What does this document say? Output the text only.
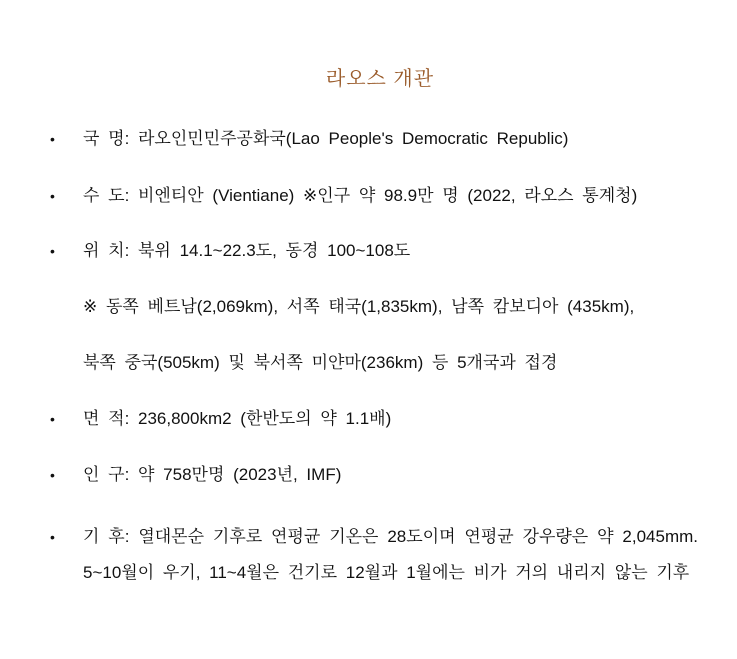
라오스 개관
• 국 명: 라오인민민주공화국(Lao People's Democratic Republic)
• 수 도: 비엔티안 (Vientiane) ※인구 약 98.9만 명 (2022, 라오스 통계청)
• 위 치: 북위 14.1~22.3도, 동경 100~108도
※ 동쪽 베트남(2,069km), 서쪽 태국(1,835km), 남쪽 캄보디아 (435km),
북쪽 중국(505km) 및 북서쪽 미얀마(236km) 등 5개국과 접경
• 면 적: 236,800km2 (한반도의 약 1.1배)
• 인 구: 약 758만명 (2023년, IMF)
• 기 후: 열대몬순 기후로 연평균 기온은 28도이며 연평균 강우량은 약 2,045mm. 5~10월이 우기, 11~4월은 건기로 12월과 1월에는 비가 거의 내리지 않는 기후
